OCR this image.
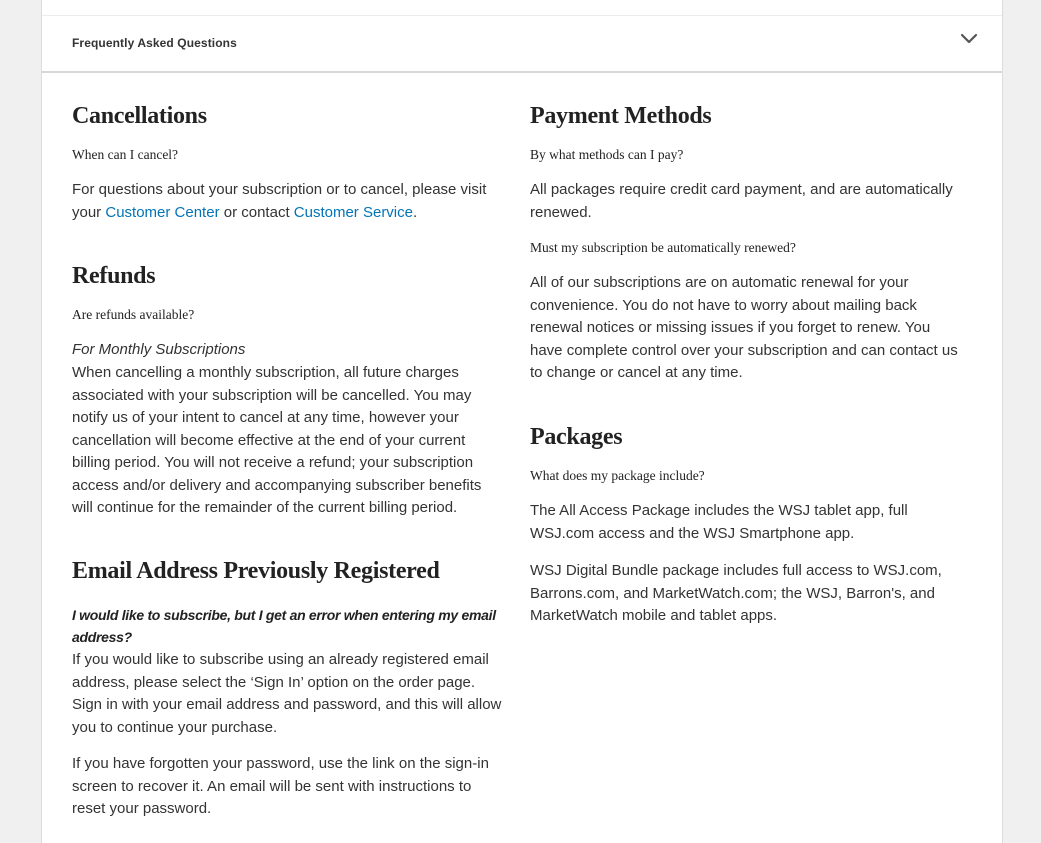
Frequently Asked Questions
Cancellations

When can I cancel?

For questions about your subscription or to cancel, please visit your Customer Center or contact Customer Service.

Refunds

Are refunds available?

For Monthly Subscriptions

When cancelling a monthly subscription, all future charges associated with your subscription will be cancelled. You may notify us of your intent to cancel at any time, however your cancellation will become effective at the end of your current billing period. You will not receive a refund; your subscription access and/or delivery and accompanying subscriber benefits will continue for the remainder of the current billing period.

Email Address Previously Registered

I would like to subscribe, but I get an error when entering my email address?

If you would like to subscribe using an already registered email address, please select the ‘Sign In’ option on the order page. Sign in with your email address and password, and this will allow you to continue your purchase.

If you have forgotten your password, use the link on the sign-in screen to recover it. An email will be sent with instructions to reset your password.

Payment Methods

By what methods can I pay?

All packages require credit card payment, and are automatically renewed.

Must my subscription be automatically renewed?

All of our subscriptions are on automatic renewal for your convenience. You do not have to worry about mailing back renewal notices or missing issues if you forget to renew. You have complete control over your subscription and can contact us to change or cancel at any time.

Packages

What does my package include?

The All Access Package includes the WSJ tablet app, full WSJ.com access and the WSJ Smartphone app.

WSJ Digital Bundle package includes full access to WSJ.com, Barrons.com, and MarketWatch.com; the WSJ, Barron's, and MarketWatch mobile and tablet apps.
